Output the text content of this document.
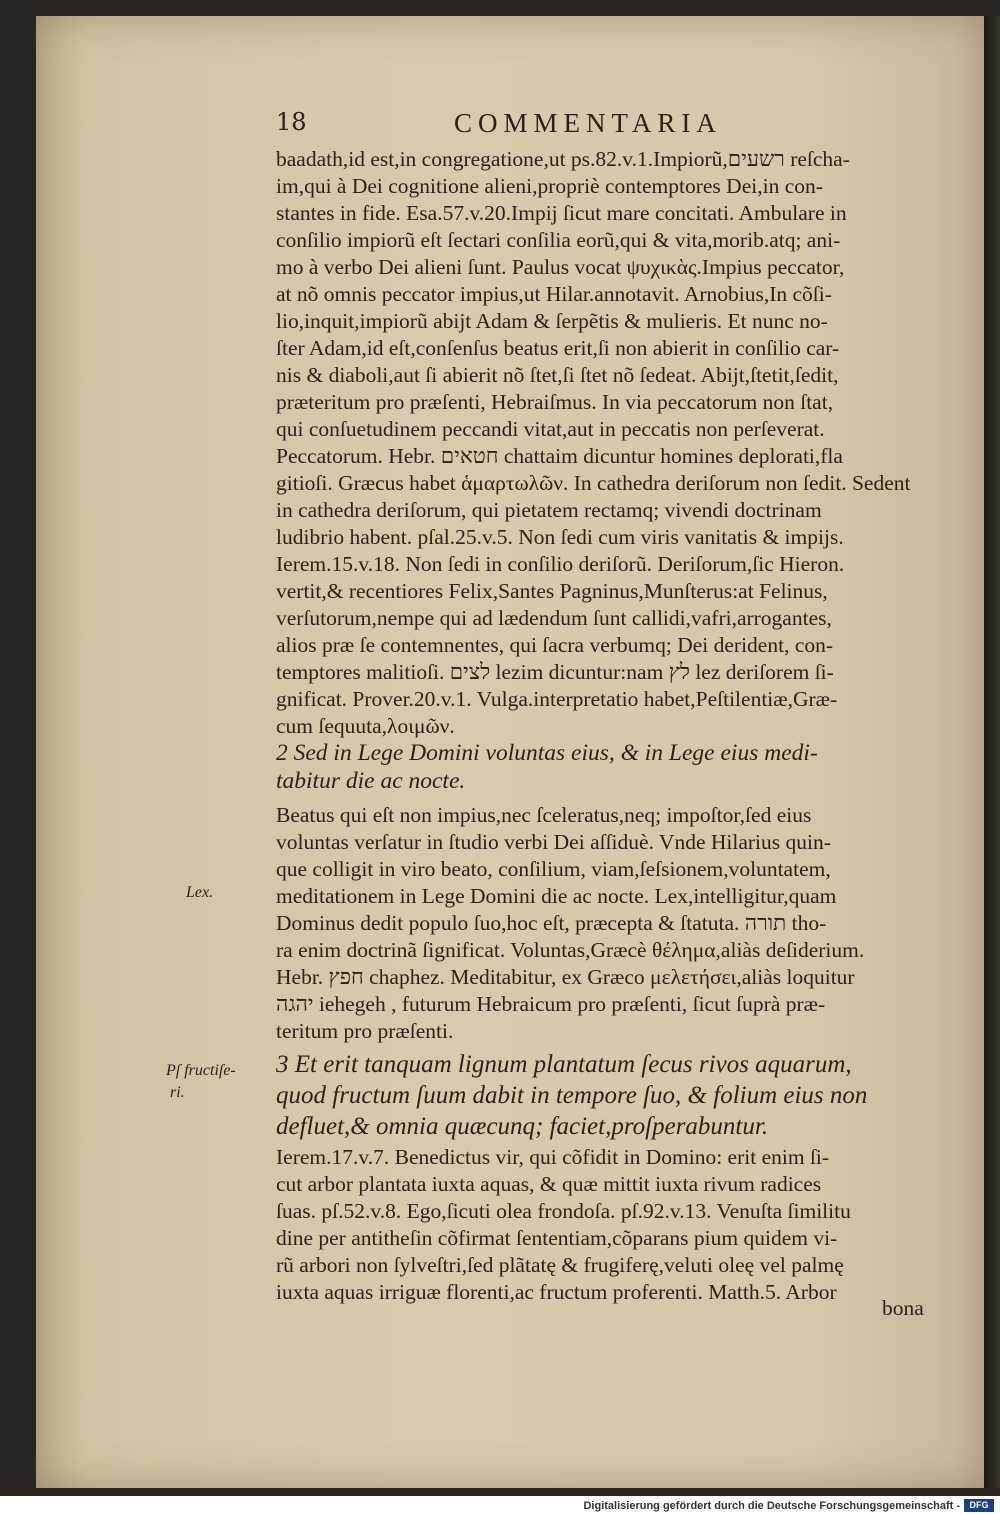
18	COMMENTARIA
baadath,id est,in congregatione,ut ps.82.v.1.Impiorũ,רשעים reſcha-
im,qui à Dei cognitione alieni,propriè contemptores Dei,in con-
stantes in fide. Esa.57.v.20.Impij ſicut mare concitati. Ambulare in
conſilio impiorũ eſt ſectari conſilia eorũ,qui & vita,morib.atq; ani-
mo à verbo Dei alieni ſunt. Paulus vocat ψυχικὰς.Impius peccator,
at nõ omnis peccator impius,ut Hilar.annotavit. Arnobius,In cõſi-
lio,inquit,impiorũ abijt Adam & ſerpẽtis & mulieris. Et nunc no-
ſter Adam,id eſt,conſenſus beatus erit,ſi non abierit in conſilio car-
nis & diaboli,aut ſi abierit nõ ſtet,ſi ſtet nõ ſedeat. Abijt,ſtetit,ſedit,
præteritum pro præſenti, Hebraiſmus. In via peccatorum non ſtat,
qui conſuetudinem peccandi vitat,aut in peccatis non perſeverat.
Peccatorum. Hebr. חטאים chattaim dicuntur homines deplorati,fla
gitioſi. Græcus habet ἁμαρτωλῶν. In cathedra deriſorum non ſedit. Sedent
in cathedra deriſorum, qui pietatem rectamq; vivendi doctrinam
ludibrio habent. pſal.25.v.5. Non ſedi cum viris vanitatis & impijs.
Ierem.15.v.18. Non ſedi in conſilio deriſorũ. Deriſorum,ſic Hieron.
vertit,& recentiores Felix,Santes Pagninus,Munſterus:at Felinus,
verſutorum,nempe qui ad lædendum ſunt callidi,vafri,arrogantes,
alios præ ſe contemnentes, qui ſacra verbumq; Dei derident, con-
temptores malitioſi. לצים lezim dicuntur:nam לץ lez deriſorem ſi-
gnificat. Prover.20.v.1. Vulga.interpretatio habet,Peſtilentiæ,Græ-
cum ſequuta,λοιμῶν.
2 Sed in Lege Domini voluntas eius, & in Lege eius medi-
tabitur die ac nocte.
Beatus qui eſt non impius,nec ſceleratus,neq; impoſtor,ſed eius
voluntas verſatur in ſtudio verbi Dei aſſiduè. Vnde Hilarius quin-
que colligit in viro beato, conſilium, viam,ſeſsionem,voluntatem,
meditationem in Lege Domini die ac nocte. Lex,intelligitur,quam
Dominus dedit populo ſuo,hoc eſt, præcepta & ſtatuta. תורה tho-
ra enim doctrinã ſignificat. Voluntas,Græcè θέλημα,aliàs deſiderium.
Hebr. חפץ chaphez. Meditabitur, ex Græco μελετήσει,aliàs loquitur
יהגה iehegeh , futurum Hebraicum pro præſenti, ſicut ſuprà præ-
teritum pro præſenti.
3 Et erit tanquam lignum plantatum ſecus rivos aquarum,
quod fructum ſuum dabit in tempore ſuo, & folium eius non
defluet,& omnia quæcunq; faciet,proſperabuntur.
Ierem.17.v.7. Benedictus vir, qui cõfidit in Domino: erit enim ſi-
cut arbor plantata iuxta aquas, & quæ mittit iuxta rivum radices
ſuas. pſ.52.v.8. Ego,ſicuti olea frondoſa. pſ.92.v.13. Venuſta ſimilitu
dine per antitheſin cõfirmat ſententiam,cõparans pium quidem vi-
rũ arbori non ſylveſtri,ſed plãtatę & frugiferę,veluti oleę vel palmę
iuxta aquas irriguæ florenti,ac fructum proferenti. Matth.5. Arbor
Lex.
Pſ fructiſe-
ri.
bona
Digitalisierung gefördert durch die Deutsche Forschungsgemeinschaft -	DFG
